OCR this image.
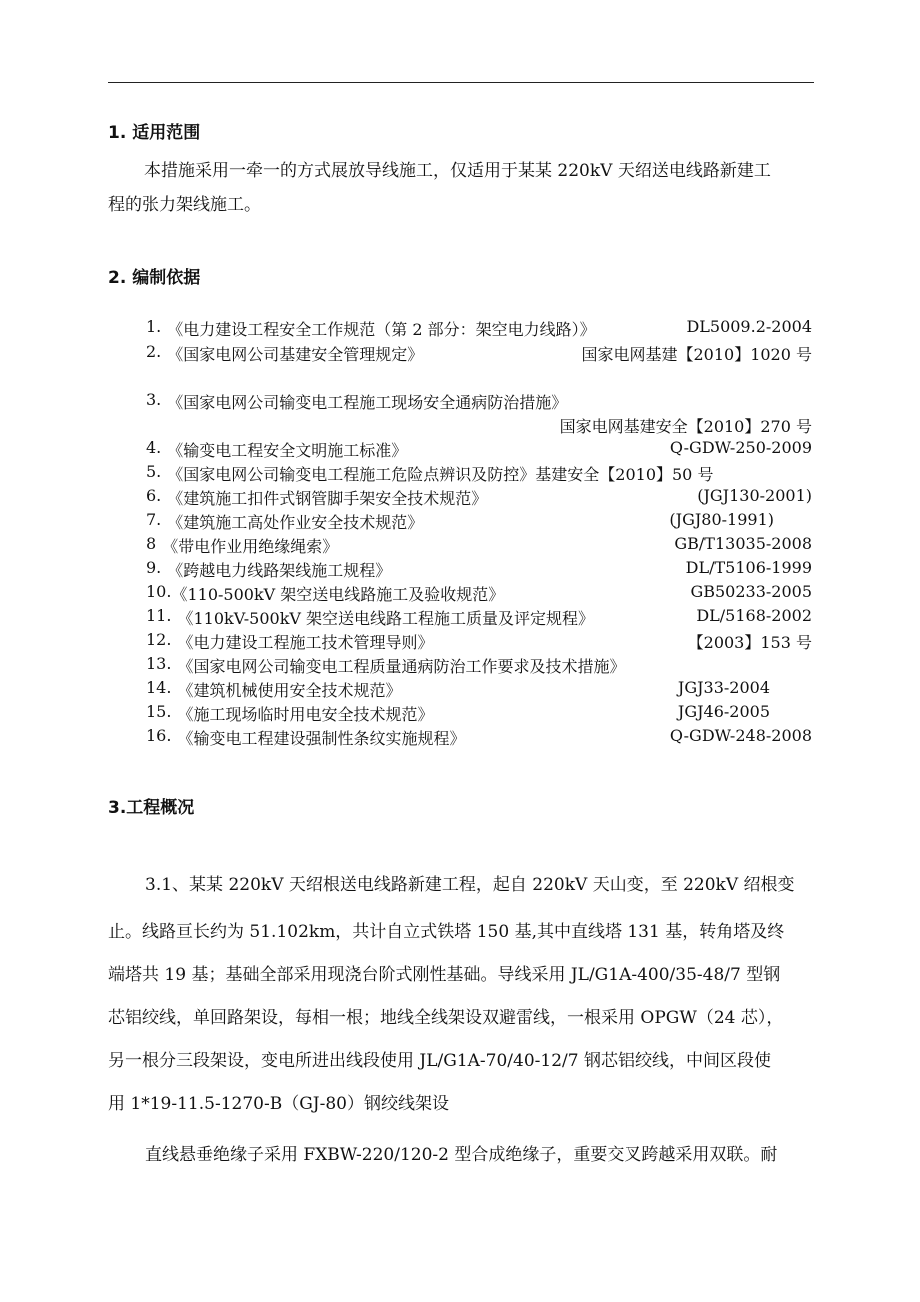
1. 适用范围
本措施采用一牵一的方式展放导线施工，仅适用于某某 220kV 天绍送电线路新建工
程的张力架线施工。
2. 编制依据
1. 《电力建设工程安全工作规范（第 2 部分：架空电力线路）》	DL5009.2-2004
2. 《国家电网公司基建安全管理规定》	国家电网基建【2010】1020 号
3. 《国家电网公司输变电工程施工现场安全通病防治措施》
国家电网基建安全【2010】270 号
4. 《输变电工程安全文明施工标准》	Q-GDW-250-2009
5. 《国家电网公司输变电工程施工危险点辨识及防控》 基建安全【2010】50 号
6. 《建筑施工扣件式钢管脚手架安全技术规范》	(JGJ130-2001)
7. 《建筑施工高处作业安全技术规范》	(JGJ80-1991)
8 《带电作业用绝缘绳索》	GB/T13035-2008
9. 《跨越电力线路架线施工规程》	DL/T5106-1999
10. 《110-500kV 架空送电线路施工及验收规范》	GB50233-2005
11. 《110kV-500kV 架空送电线路工程施工质量及评定规程》	DL/5168-2002
12. 《电力建设工程施工技术管理导则》	【2003】153 号
13. 《国家电网公司输变电工程质量通病防治工作要求及技术措施》
14. 《建筑机械使用安全技术规范》	JGJ33-2004
15. 《施工现场临时用电安全技术规范》	JGJ46-2005
16. 《输变电工程建设强制性条纹实施规程》	Q-GDW-248-2008
3.工程概况
3.1、某某 220kV 天绍根送电线路新建工程，起自 220kV 天山变，至 220kV 绍根变
止。线路亘长约为 51.102km，共计自立式铁塔 150 基,其中直线塔 131 基，转角塔及终
端塔共 19 基；基础全部采用现浇台阶式刚性基础。导线采用 JL/G1A-400/35-48/7 型钢
芯铝绞线，单回路架设，每相一根；地线全线架设双避雷线，一根采用 OPGW（24 芯），
另一根分三段架设，变电所进出线段使用 JL/G1A-70/40-12/7 钢芯铝绞线，中间区段使
用 1*19-11.5-1270-B（GJ-80）钢绞线架设
直线悬垂绝缘子采用 FXBW-220/120-2 型合成绝缘子，重要交叉跨越采用双联。耐
